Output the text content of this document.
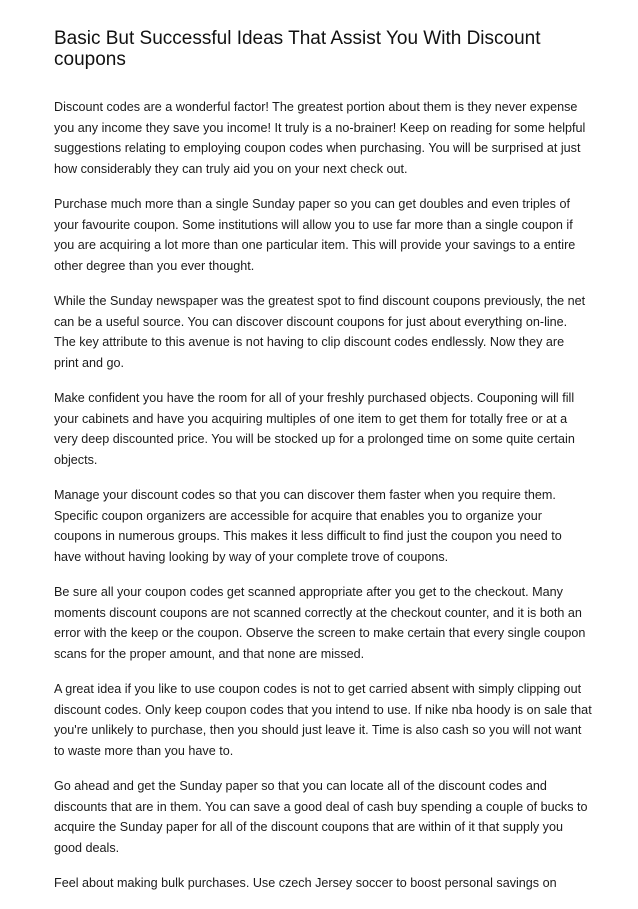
Basic But Successful Ideas That Assist You With Discount coupons

Discount codes are a wonderful factor! The greatest portion about them is they never expense you any income they save you income! It truly is a no-brainer! Keep on reading for some helpful suggestions relating to employing coupon codes when purchasing. You will be surprised at just how considerably they can truly aid you on your next check out.

Purchase much more than a single Sunday paper so you can get doubles and even triples of your favourite coupon. Some institutions will allow you to use far more than a single coupon if you are acquiring a lot more than one particular item. This will provide your savings to a entire other degree than you ever thought.

While the Sunday newspaper was the greatest spot to find discount coupons previously, the net can be a useful source. You can discover discount coupons for just about everything on-line. The key attribute to this avenue is not having to clip discount codes endlessly. Now they are print and go.

Make confident you have the room for all of your freshly purchased objects. Couponing will fill your cabinets and have you acquiring multiples of one item to get them for totally free or at a very deep discounted price. You will be stocked up for a prolonged time on some quite certain objects.

Manage your discount codes so that you can discover them faster when you require them. Specific coupon organizers are accessible for acquire that enables you to organize your coupons in numerous groups. This makes it less difficult to find just the coupon you need to have without having looking by way of your complete trove of coupons.

Be sure all your coupon codes get scanned appropriate after you get to the checkout. Many moments discount coupons are not scanned correctly at the checkout counter, and it is both an error with the keep or the coupon. Observe the screen to make certain that every single coupon scans for the proper amount, and that none are missed.

A great idea if you like to use coupon codes is not to get carried absent with simply clipping out discount codes. Only keep coupon codes that you intend to use. If nike nba hoody is on sale that you're unlikely to purchase, then you should just leave it. Time is also cash so you will not want to waste more than you have to.

Go ahead and get the Sunday paper so that you can locate all of the discount codes and discounts that are in them. You can save a good deal of cash buy spending a couple of bucks to acquire the Sunday paper for all of the discount coupons that are within of it that supply you good deals.

Feel about making bulk purchases. Use czech Jersey soccer to boost personal savings on
